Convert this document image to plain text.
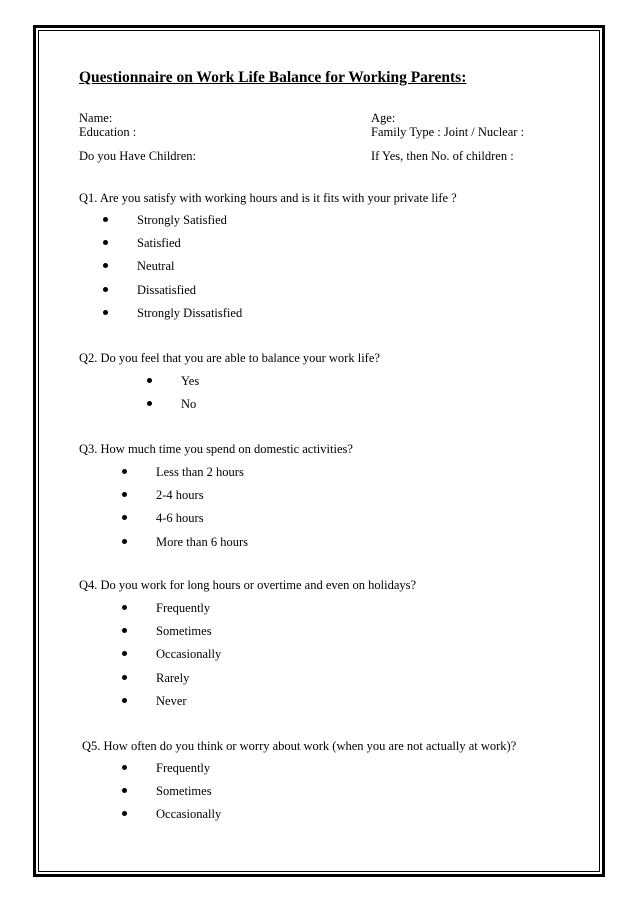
Questionnaire on Work Life Balance for Working Parents:
Name:	Age:
Education :	Family Type : Joint / Nuclear :
Do you Have Children:	If Yes, then No. of children :
Q1. Are you satisfy with working hours and is it fits with your private life ?
Strongly Satisfied
Satisfied
Neutral
Dissatisfied
Strongly Dissatisfied
Q2. Do you feel that you are able to balance your work life?
Yes
No
Q3. How much time you spend on domestic activities?
Less than 2 hours
2-4 hours
4-6 hours
More than 6 hours
Q4. Do you work for long hours or overtime and even on holidays?
Frequently
Sometimes
Occasionally
Rarely
Never
Q5. How often do you think or worry about work (when you are not actually at work)?
Frequently
Sometimes
Occasionally
